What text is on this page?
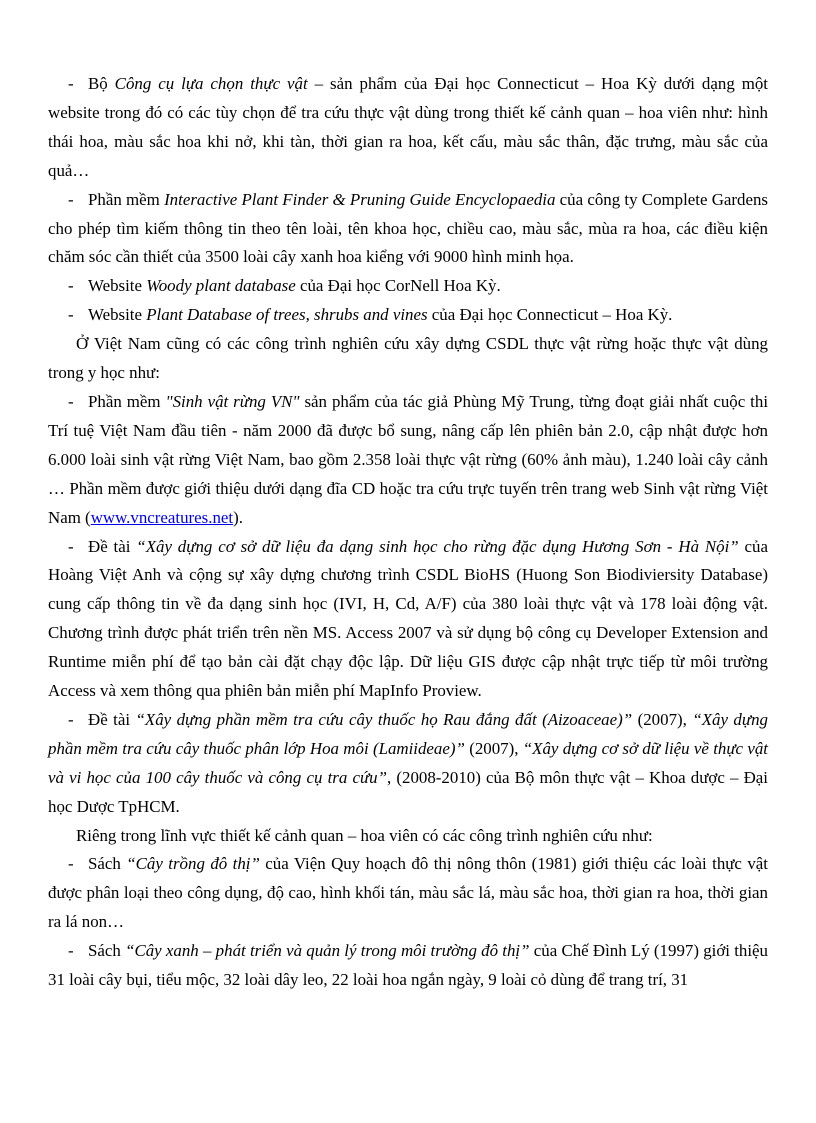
- Bộ Công cụ lựa chọn thực vật – sản phẩm của Đại học Connecticut – Hoa Kỳ dưới dạng một website trong đó có các tùy chọn để tra cứu thực vật dùng trong thiết kế cảnh quan – hoa viên như: hình thái hoa, màu sắc hoa khi nở, khi tàn, thời gian ra hoa, kết cấu, màu sắc thân, đặc trưng, màu sắc của quả…

- Phần mềm Interactive Plant Finder & Pruning Guide Encyclopaedia của công ty Complete Gardens cho phép tìm kiếm thông tin theo tên loài, tên khoa học, chiều cao, màu sắc, mùa ra hoa, các điều kiện chăm sóc cần thiết của 3500 loài cây xanh hoa kiểng với 9000 hình minh họa.

- Website Woody plant database của Đại học CorNell Hoa Kỳ.

- Website Plant Database of trees, shrubs and vines của Đại học Connecticut – Hoa Kỳ.

Ở Việt Nam cũng có các công trình nghiên cứu xây dựng CSDL thực vật rừng hoặc thực vật dùng trong y học như:

- Phần mềm "Sinh vật rừng VN" sản phẩm của tác giả Phùng Mỹ Trung, từng đoạt giải nhất cuộc thi Trí tuệ Việt Nam đầu tiên - năm 2000 đã được bổ sung, nâng cấp lên phiên bản 2.0, cập nhật được hơn 6.000 loài sinh vật rừng Việt Nam, bao gồm 2.358 loài thực vật rừng (60% ảnh màu), 1.240 loài cây cảnh … Phần mềm được giới thiệu dưới dạng đĩa CD hoặc tra cứu trực tuyến trên trang web Sinh vật rừng Việt Nam (www.vncreatures.net).

- Đề tài “Xây dựng cơ sở dữ liệu đa dạng sinh học cho rừng đặc dụng Hương Sơn - Hà Nội” của Hoàng Việt Anh và cộng sự xây dựng chương trình CSDL BioHS (Huong Son Biodiviersity Database) cung cấp thông tin về đa dạng sinh học (IVI, H, Cd, A/F) của 380 loài thực vật và 178 loài động vật. Chương trình được phát triển trên nền MS. Access 2007 và sử dụng bộ công cụ Developer Extension and Runtime miễn phí để tạo bản cài đặt chạy độc lập. Dữ liệu GIS được cập nhật trực tiếp từ môi trường Access và xem thông qua phiên bản miễn phí MapInfo Proview.

- Đề tài “Xây dựng phần mềm tra cứu cây thuốc họ Rau đắng đất (Aizoaceae)” (2007), “Xây dựng phần mềm tra cứu cây thuốc phân lớp Hoa môi (Lamiideae)” (2007), “Xây dựng cơ sở dữ liệu về thực vật và vi học của 100 cây thuốc và công cụ tra cứu”, (2008-2010) của Bộ môn thực vật – Khoa dược – Đại học Dược TpHCM.

Riêng trong lĩnh vực thiết kế cảnh quan – hoa viên có các công trình nghiên cứu như:

- Sách “Cây trồng đô thị” của Viện Quy hoạch đô thị nông thôn (1981) giới thiệu các loài thực vật được phân loại theo công dụng, độ cao, hình khối tán, màu sắc lá, màu sắc hoa, thời gian ra hoa, thời gian ra lá non…

- Sách “Cây xanh – phát triển và quản lý trong môi trường đô thị” của Chế Đình Lý (1997) giới thiệu 31 loài cây bụi, tiểu mộc, 32 loài dây leo, 22 loài hoa ngắn ngày, 9 loài cỏ dùng để trang trí, 31
